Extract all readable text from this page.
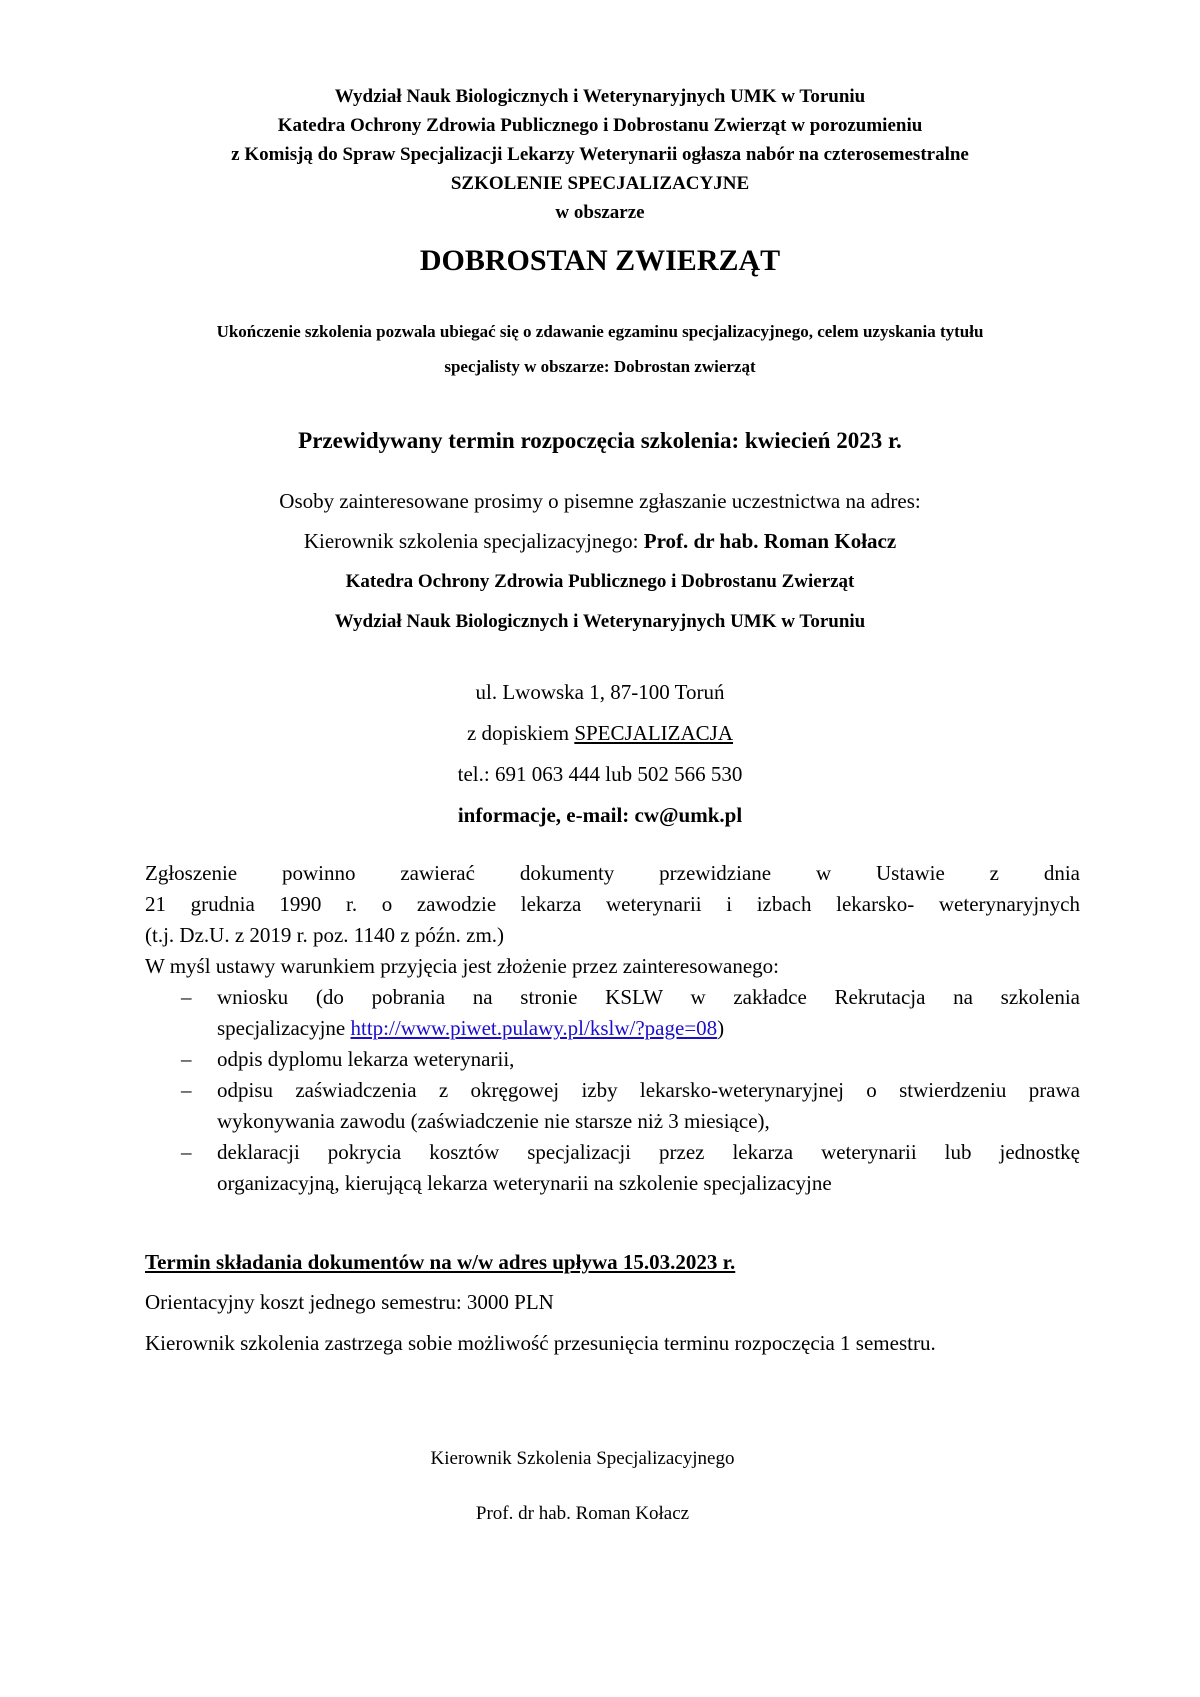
Wydział Nauk Biologicznych i Weterynaryjnych UMK w Toruniu
Katedra Ochrony Zdrowia Publicznego i Dobrostanu Zwierząt w porozumieniu
z Komisją do Spraw Specjalizacji Lekarzy Weterynarii ogłasza nabór na czterosemestralne
SZKOLENIE SPECJALIZACYJNE
w obszarze
DOBROSTAN ZWIERZĄT
Ukończenie szkolenia pozwala ubiegać się o zdawanie egzaminu specjalizacyjnego, celem uzyskania tytułu
specjalisty w obszarze: Dobrostan zwierząt
Przewidywany termin rozpoczęcia szkolenia: kwiecień 2023 r.
Osoby zainteresowane prosimy o pisemne zgłaszanie uczestnictwa na adres:
Kierownik szkolenia specjalizacyjnego: Prof. dr hab. Roman Kołacz
Katedra Ochrony Zdrowia Publicznego i Dobrostanu Zwierząt
Wydział Nauk Biologicznych i Weterynaryjnych UMK w Toruniu
ul. Lwowska 1, 87-100 Toruń
z dopiskiem SPECJALIZACJA
tel.: 691 063 444 lub 502 566 530
informacje, e-mail: cw@umk.pl
Zgłoszenie powinno zawierać dokumenty przewidziane w Ustawie z dnia
21 grudnia 1990 r. o zawodzie lekarza weterynarii i izbach lekarsko- weterynaryjnych
(t.j. Dz.U. z 2019 r. poz. 1140 z późn. zm.)
W myśl ustawy warunkiem przyjęcia jest złożenie przez zainteresowanego:
– wniosku (do pobrania na stronie KSLW w zakładce Rekrutacja na szkolenia
specjalizacyjne http://www.piwet.pulawy.pl/kslw/?page=08)
– odpis dyplomu lekarza weterynarii,
– odpisu zaświadczenia z okręgowej izby lekarsko-weterynaryjnej o stwierdzeniu prawa
wykonywania zawodu (zaświadczenie nie starsze niż 3 miesiące),
– deklaracji pokrycia kosztów specjalizacji przez lekarza weterynarii lub jednostkę
organizacyjną, kierującą lekarza weterynarii na szkolenie specjalizacyjne
Termin składania dokumentów na w/w adres upływa 15.03.2023 r.
Orientacyjny koszt jednego semestru: 3000 PLN
Kierownik szkolenia zastrzega sobie możliwość przesunięcia terminu rozpoczęcia 1 semestru.
Kierownik Szkolenia Specjalizacyjnego
Prof. dr hab. Roman Kołacz
